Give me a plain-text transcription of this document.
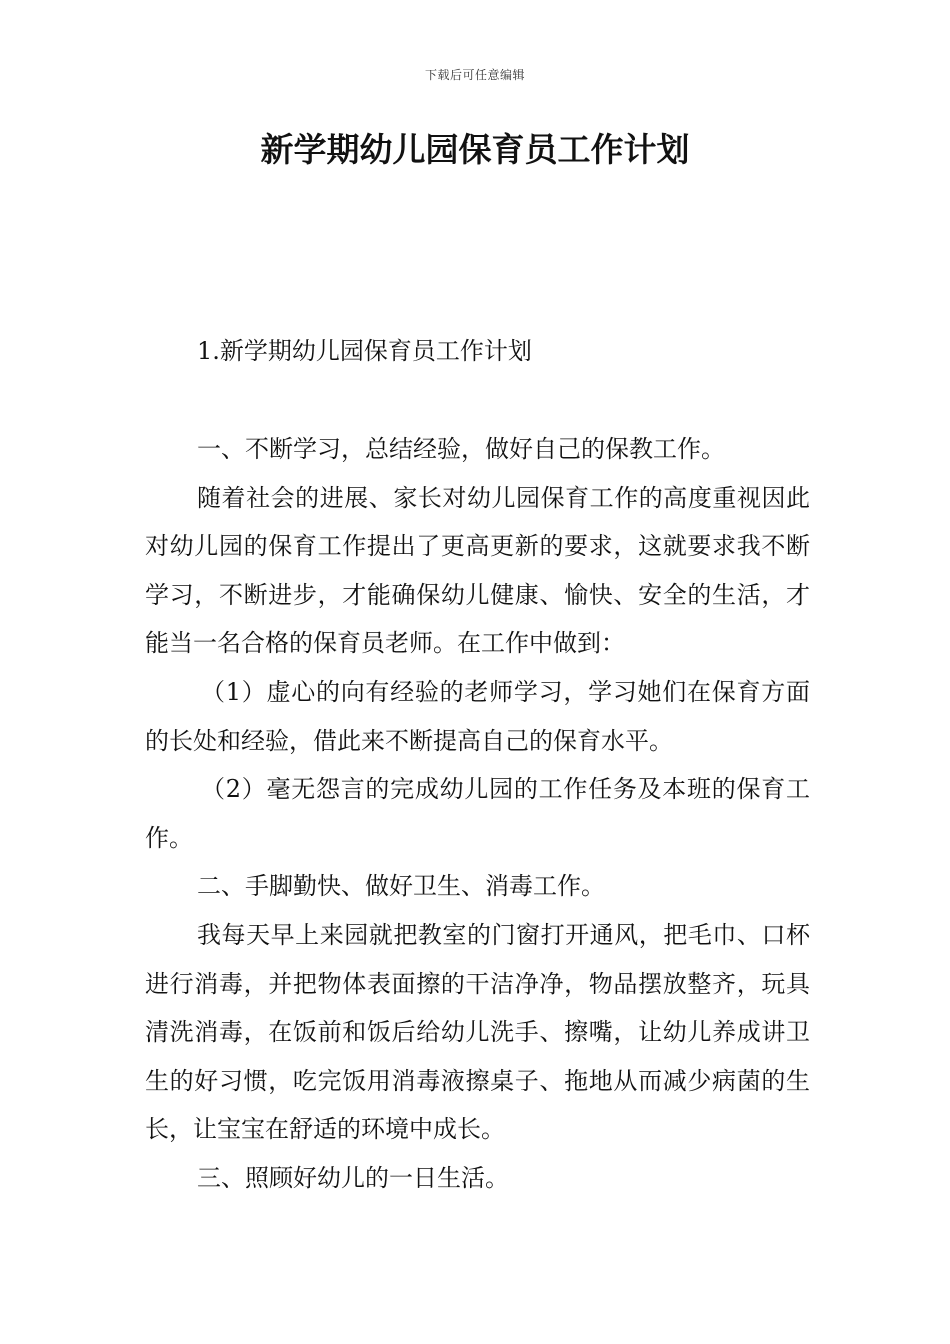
下载后可任意编辑
新学期幼儿园保育员工作计划

1.新学期幼儿园保育员工作计划

一、不断学习，总结经验，做好自己的保教工作。

随着社会的进展、家长对幼儿园保育工作的高度重视因此对幼儿园的保育工作提出了更高更新的要求，这就要求我不断学习，不断进步，才能确保幼儿健康、愉快、安全的生活，才能当一名合格的保育员老师。在工作中做到：

（1）虚心的向有经验的老师学习，学习她们在保育方面的长处和经验，借此来不断提高自己的保育水平。

（2）毫无怨言的完成幼儿园的工作任务及本班的保育工作。

二、手脚勤快、做好卫生、消毒工作。

我每天早上来园就把教室的门窗打开通风，把毛巾、口杯进行消毒，并把物体表面擦的干洁净净，物品摆放整齐，玩具清洗消毒，在饭前和饭后给幼儿洗手、擦嘴，让幼儿养成讲卫生的好习惯，吃完饭用消毒液擦桌子、拖地从而减少病菌的生长，让宝宝在舒适的环境中成长。

三、照顾好幼儿的一日生活。
